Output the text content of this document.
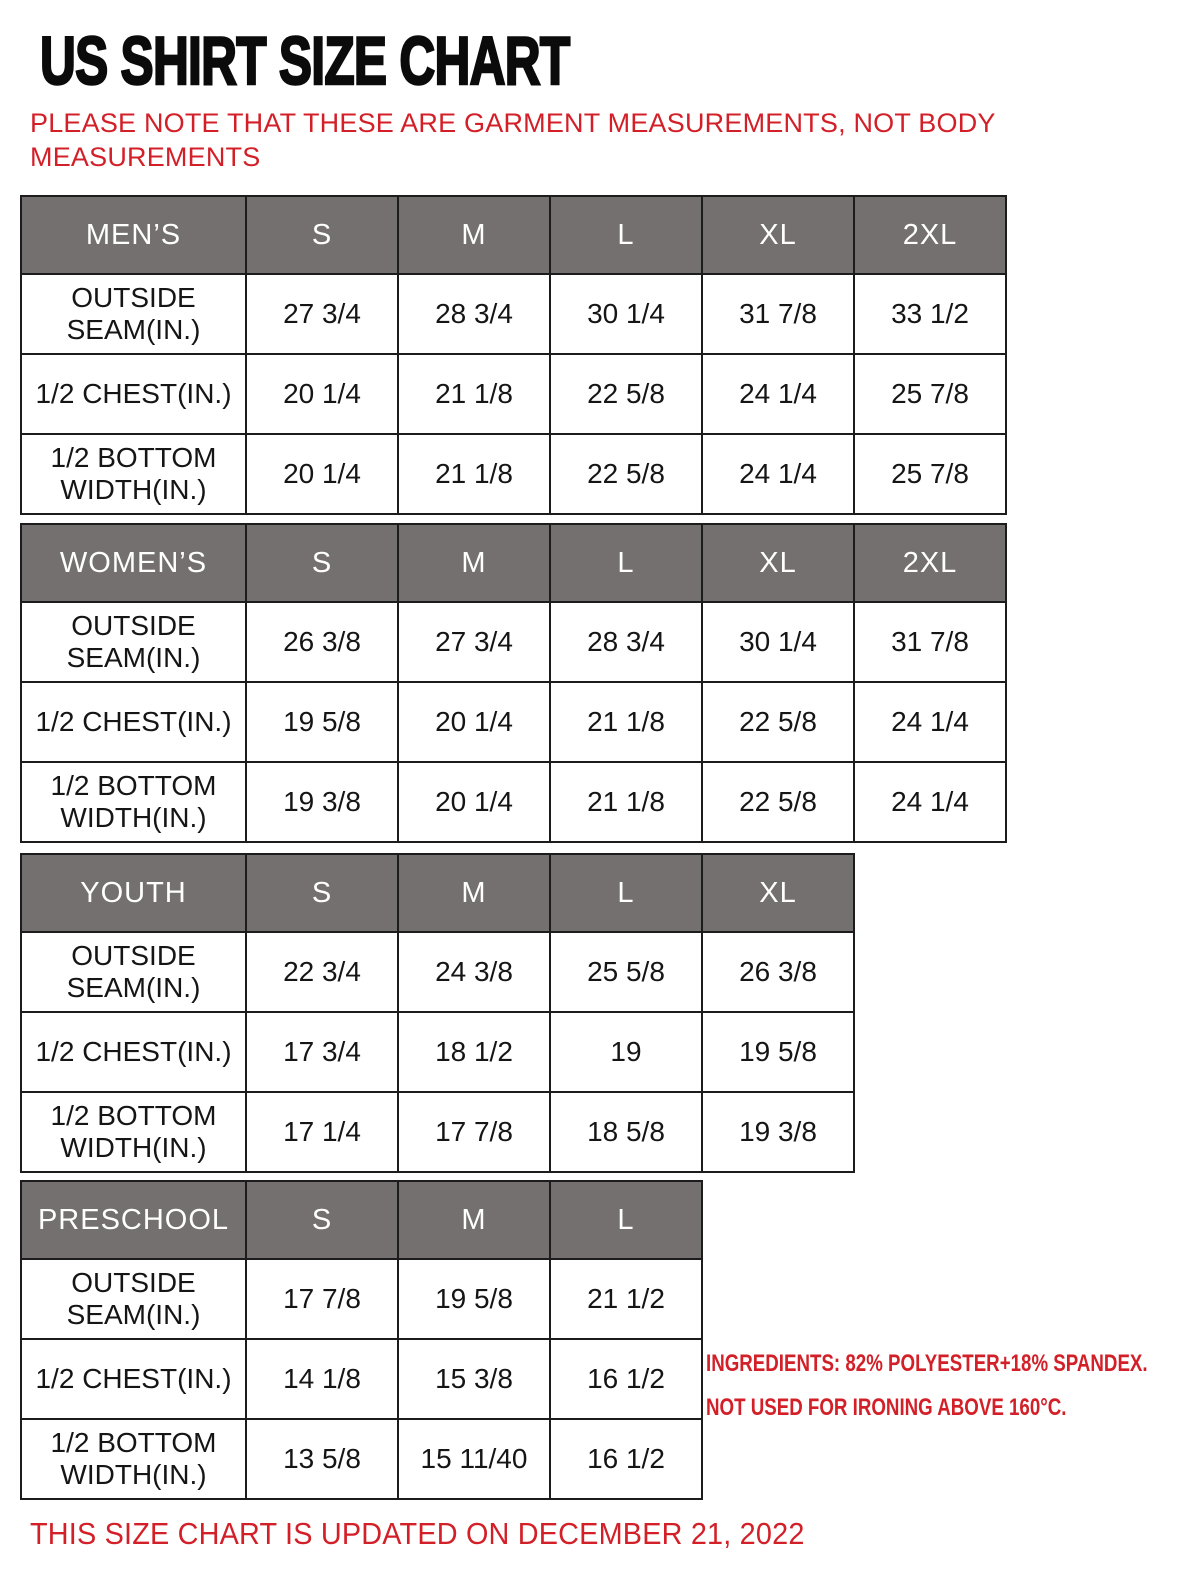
US SHIRT SIZE CHART
PLEASE NOTE THAT THESE ARE GARMENT MEASUREMENTS, NOT BODY MEASUREMENTS
MEN’S	S	M	L	XL	2XL
OUTSIDE SEAM(IN.)	27 3/4	28 3/4	30 1/4	31 7/8	33 1/2
1/2 CHEST(IN.)	20 1/4	21 1/8	22 5/8	24 1/4	25 7/8
1/2 BOTTOM WIDTH(IN.)	20 1/4	21 1/8	22 5/8	24 1/4	25 7/8
WOMEN’S	S	M	L	XL	2XL
OUTSIDE SEAM(IN.)	26 3/8	27 3/4	28 3/4	30 1/4	31 7/8
1/2 CHEST(IN.)	19 5/8	20 1/4	21 1/8	22 5/8	24 1/4
1/2 BOTTOM WIDTH(IN.)	19 3/8	20 1/4	21 1/8	22 5/8	24 1/4
YOUTH	S	M	L	XL
OUTSIDE SEAM(IN.)	22 3/4	24 3/8	25 5/8	26 3/8
1/2 CHEST(IN.)	17 3/4	18 1/2	19	19 5/8
1/2 BOTTOM WIDTH(IN.)	17 1/4	17 7/8	18 5/8	19 3/8
PRESCHOOL	S	M	L
OUTSIDE SEAM(IN.)	17 7/8	19 5/8	21 1/2
1/2 CHEST(IN.)	14 1/8	15 3/8	16 1/2
1/2 BOTTOM WIDTH(IN.)	13 5/8	15 11/40	16 1/2
INGREDIENTS: 82% POLYESTER+18% SPANDEX.
NOT USED FOR IRONING ABOVE 160°C.
THIS SIZE CHART IS UPDATED ON DECEMBER 21, 2022
